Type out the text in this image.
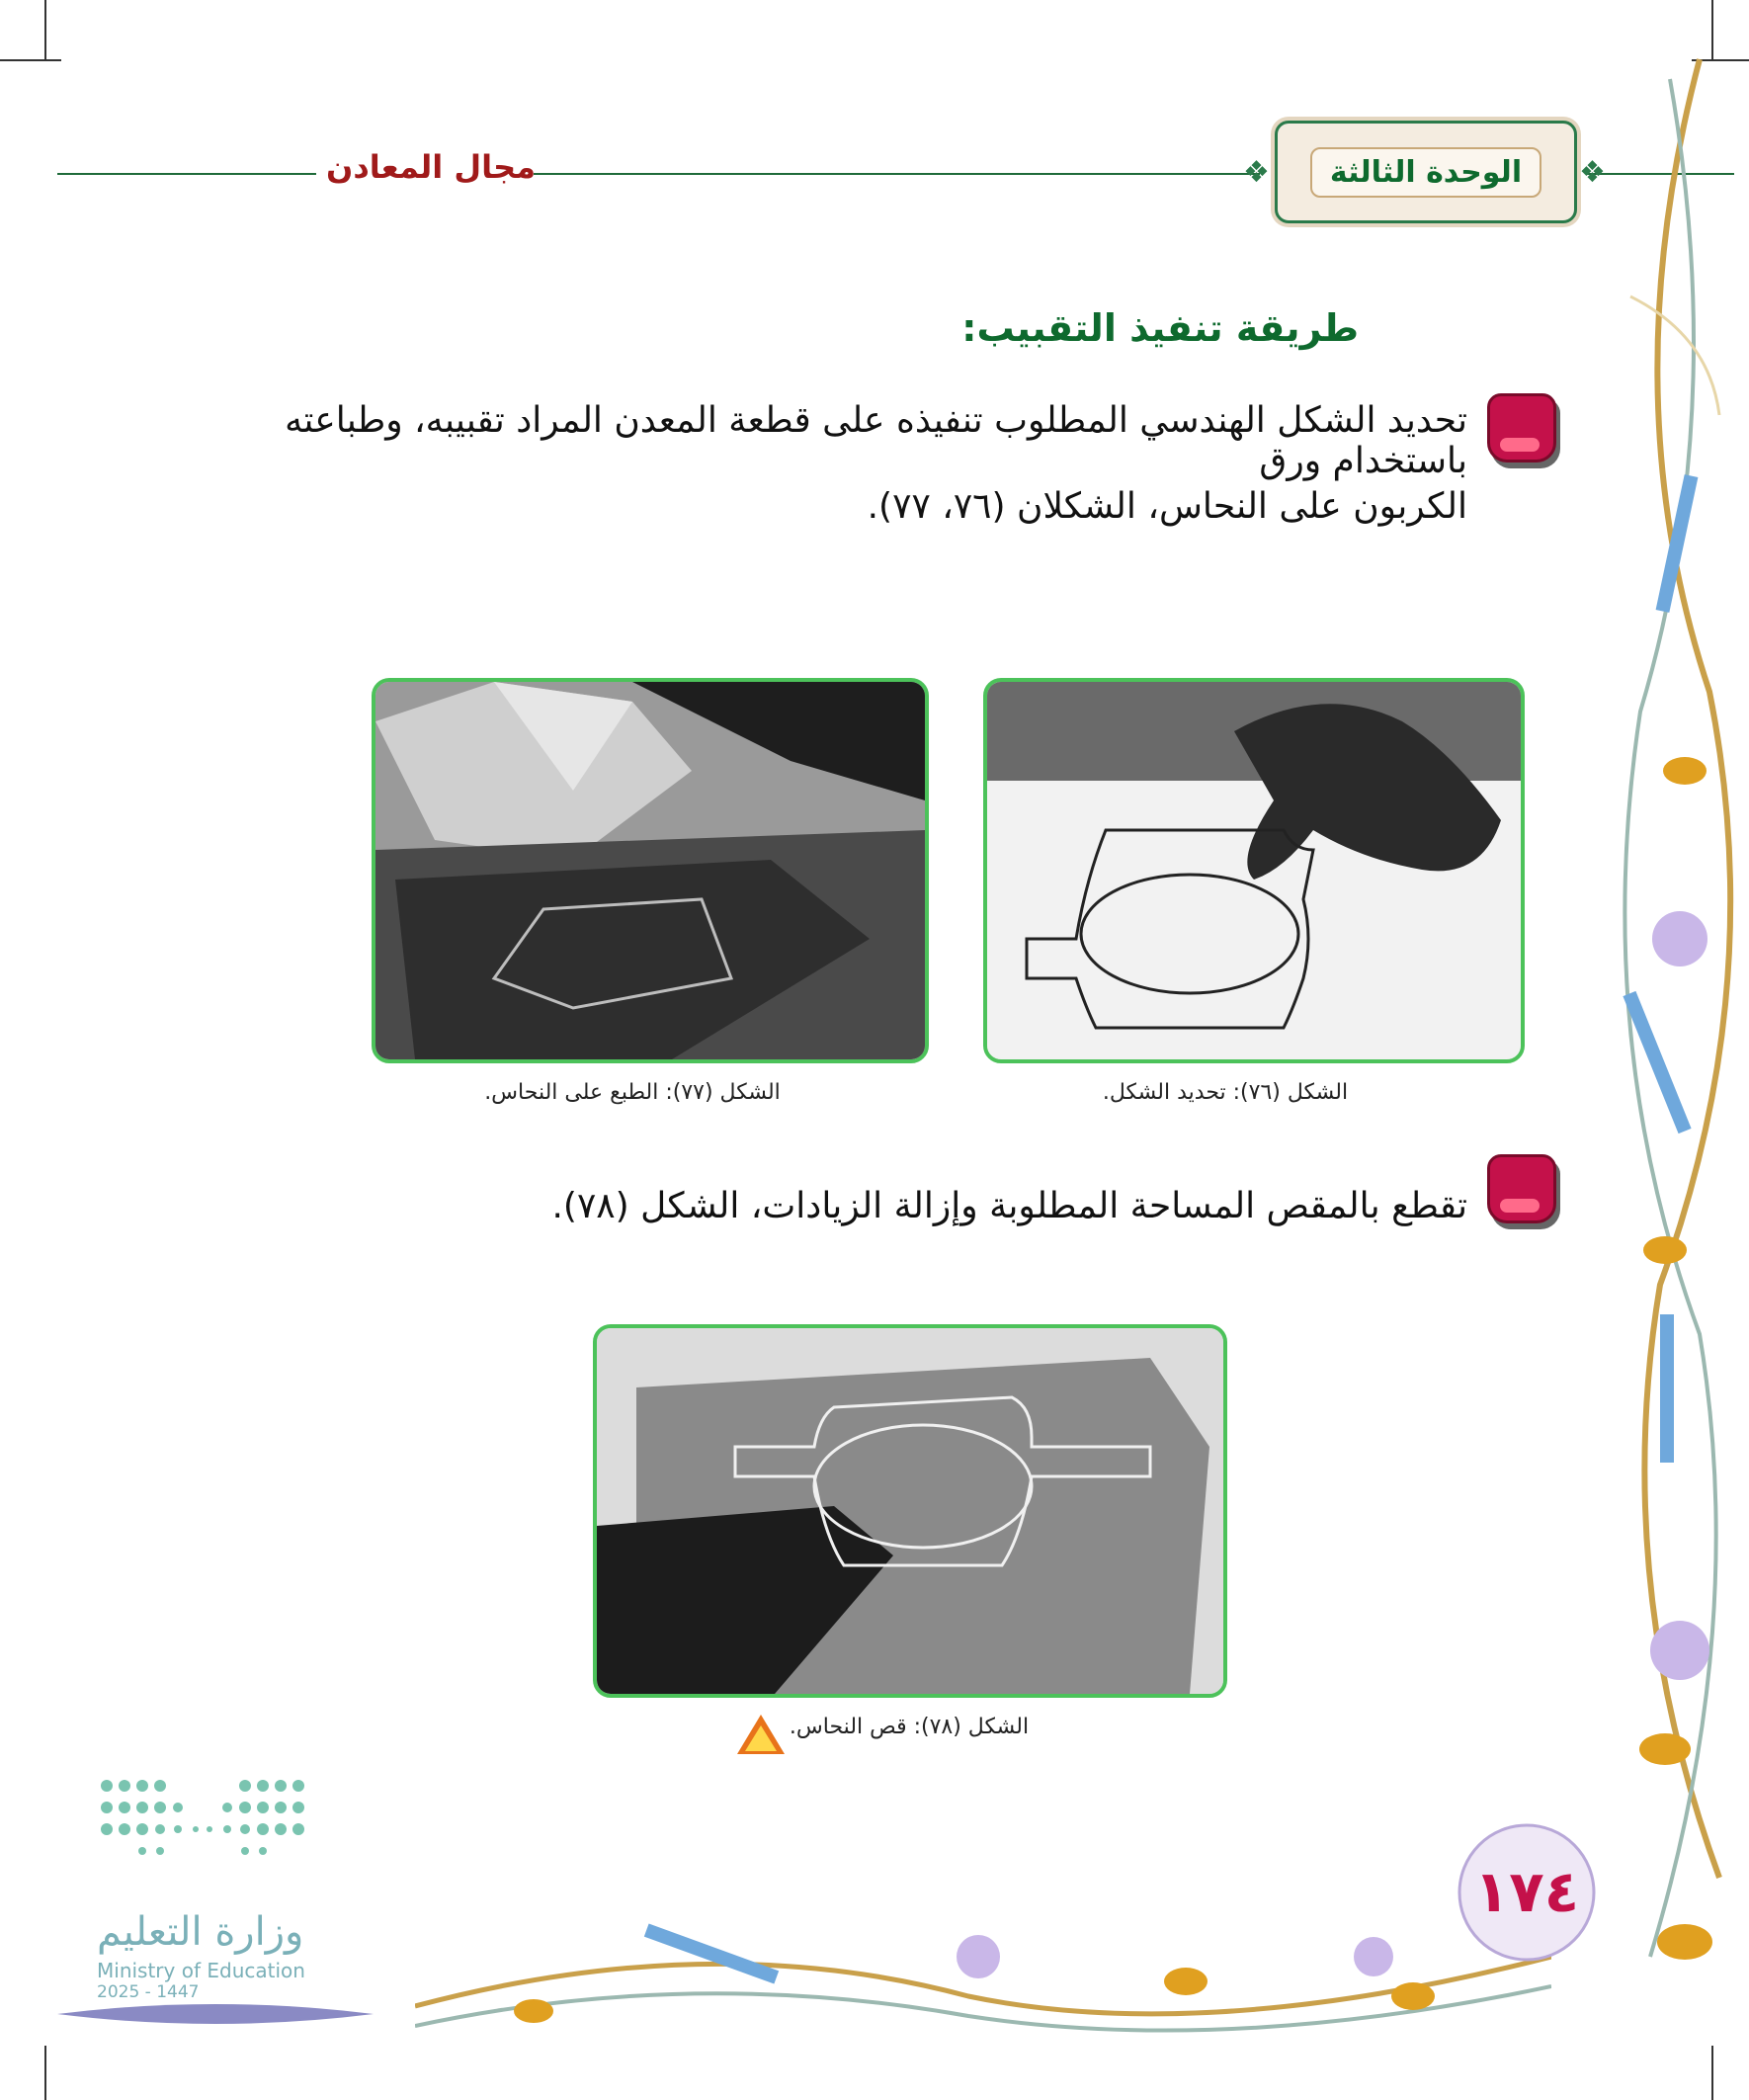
مجال المعادن	❖	❖
الوحدة الثالثة
طريقة تنفيذ التقبيب:
تحديد الشكل الهندسي المطلوب تنفيذه على قطعة المعدن المراد تقبيبه، وطباعته باستخدام ورق
الكربون على النحاس، الشكلان (٧٦، ٧٧).
الشكل (٧٦): تحديد الشكل.
الشكل (٧٧): الطبع على النحاس.
تقطع بالمقص المساحة المطلوبة وإزالة الزيادات، الشكل (٧٨).
الشكل (٧٨): قص النحاس.
١٧٤
وزارة التعليم
Ministry of Education
2025 - 1447
